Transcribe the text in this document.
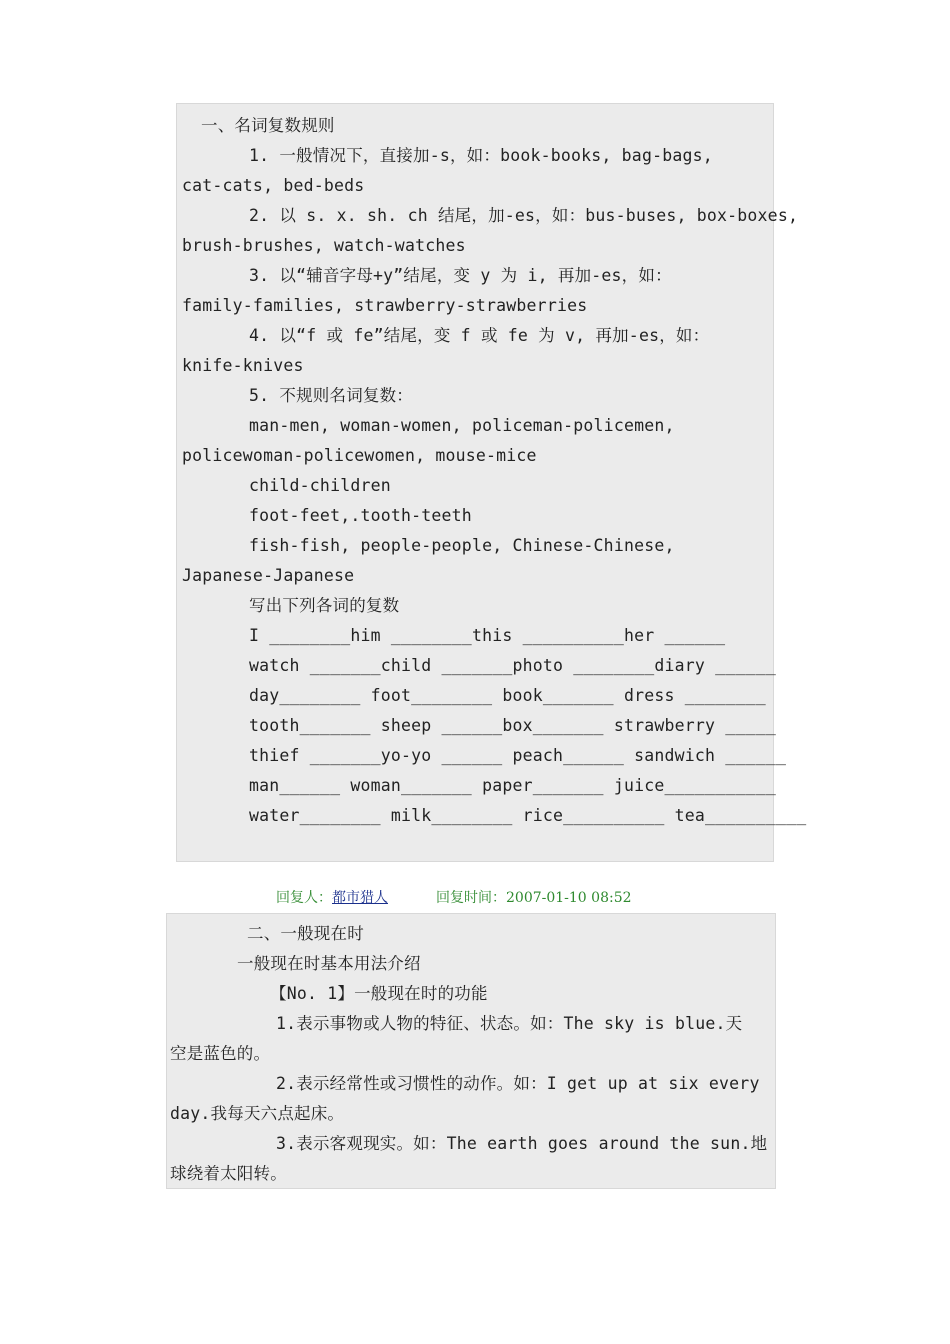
一、名词复数规则
1. 一般情况下，直接加-s，如：book-books, bag-bags,
cat-cats, bed-beds
2. 以 s. x. sh. ch 结尾，加-es，如：bus-buses, box-boxes,
brush-brushes, watch-watches
3. 以“辅音字母+y”结尾，变 y 为 i, 再加-es，如：
family-families, strawberry-strawberries
4. 以“f 或 fe”结尾，变 f 或 fe 为 v, 再加-es，如：
knife-knives
5. 不规则名词复数：
man-men, woman-women, policeman-policemen,
policewoman-policewomen, mouse-mice
child-children
foot-feet,.tooth-teeth
fish-fish, people-people, Chinese-Chinese,
Japanese-Japanese
写出下列各词的复数
I ________him ________this __________her ______
watch _______child _______photo ________diary ______
day________ foot________ book_______ dress ________
tooth_______ sheep ______box_______ strawberry _____
thief _______yo-yo ______ peach______ sandwich ______
man______ woman_______ paper_______ juice___________
water________ milk________ rice__________ tea__________
回复人：都市猎人	回复时间：2007-01-10 08:52
二、一般现在时
一般现在时基本用法介绍
【No. 1】一般现在时的功能
1.表示事物或人物的特征、状态。如：The sky is blue.天
空是蓝色的。
2.表示经常性或习惯性的动作。如：I get up at six every
day.我每天六点起床。
3.表示客观现实。如：The earth goes around the sun.地
球绕着太阳转。
